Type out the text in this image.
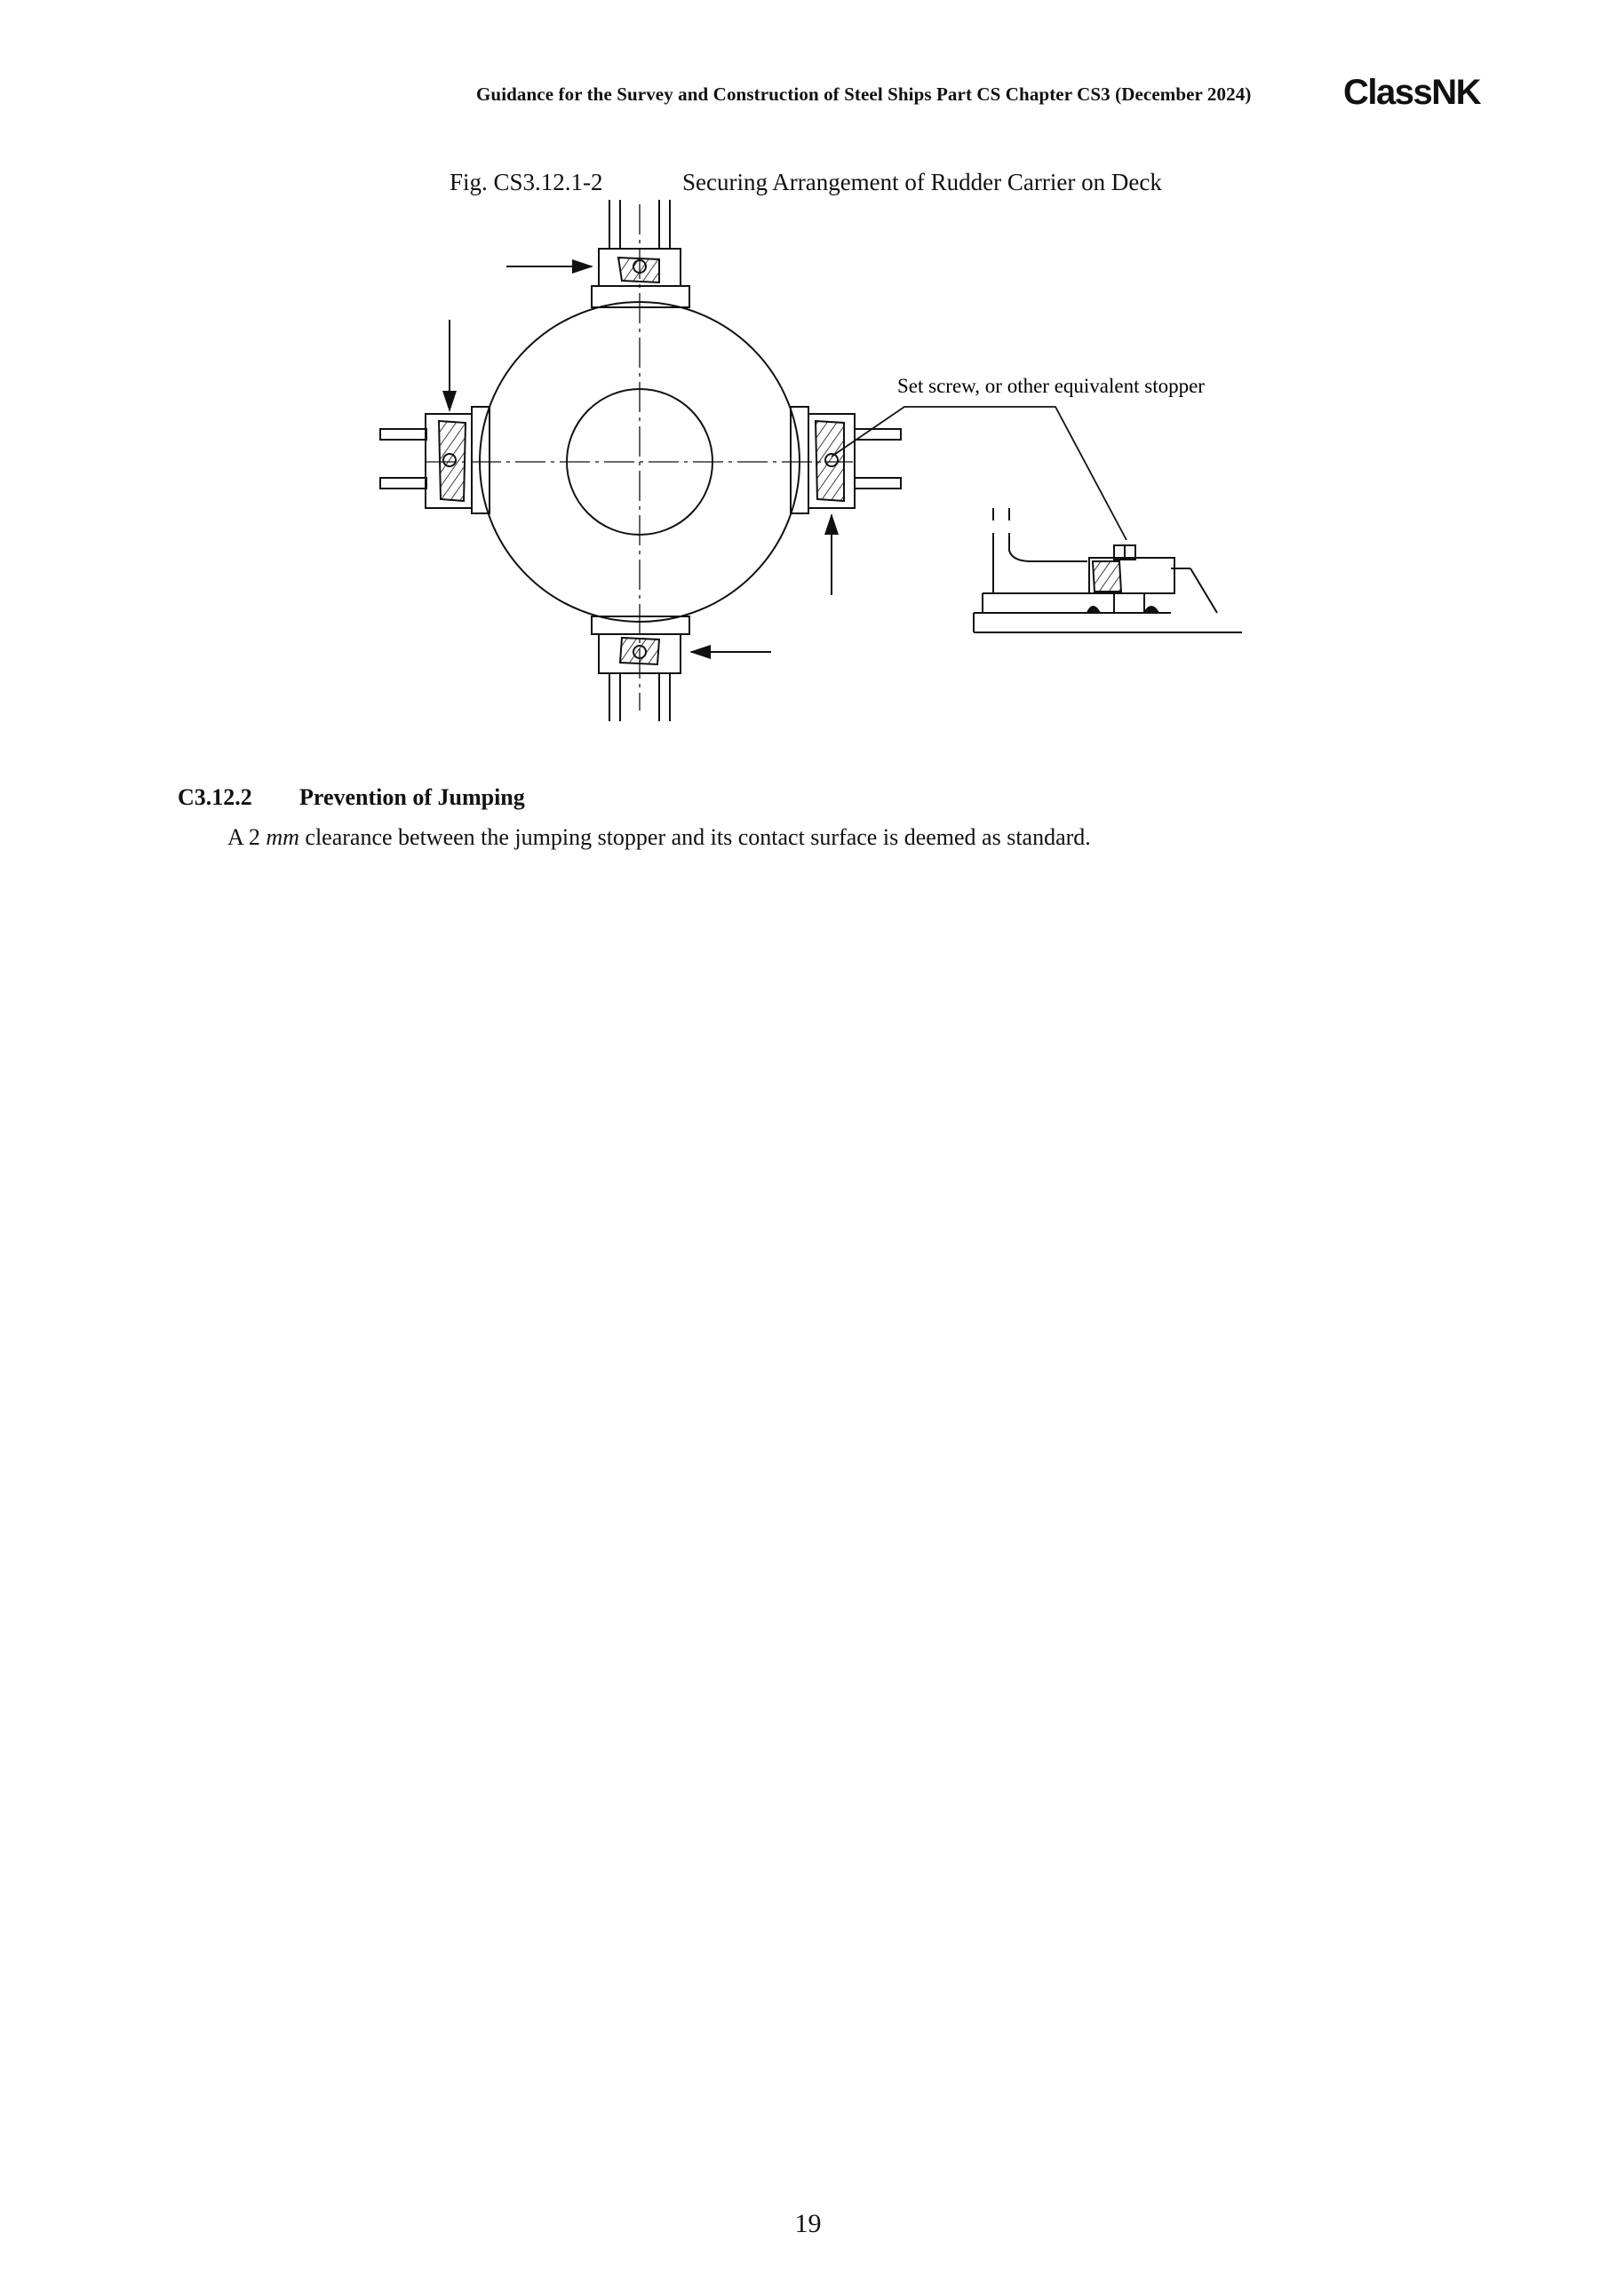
Guidance for the Survey and Construction of Steel Ships Part CS Chapter CS3 (December 2024)	ClassNK
Fig. CS3.12.1-2	Securing Arrangement of Rudder Carrier on Deck
Set screw, or other equivalent stopper
C3.12.2 Prevention of Jumping
A 2 mm clearance between the jumping stopper and its contact surface is deemed as standard.
19
